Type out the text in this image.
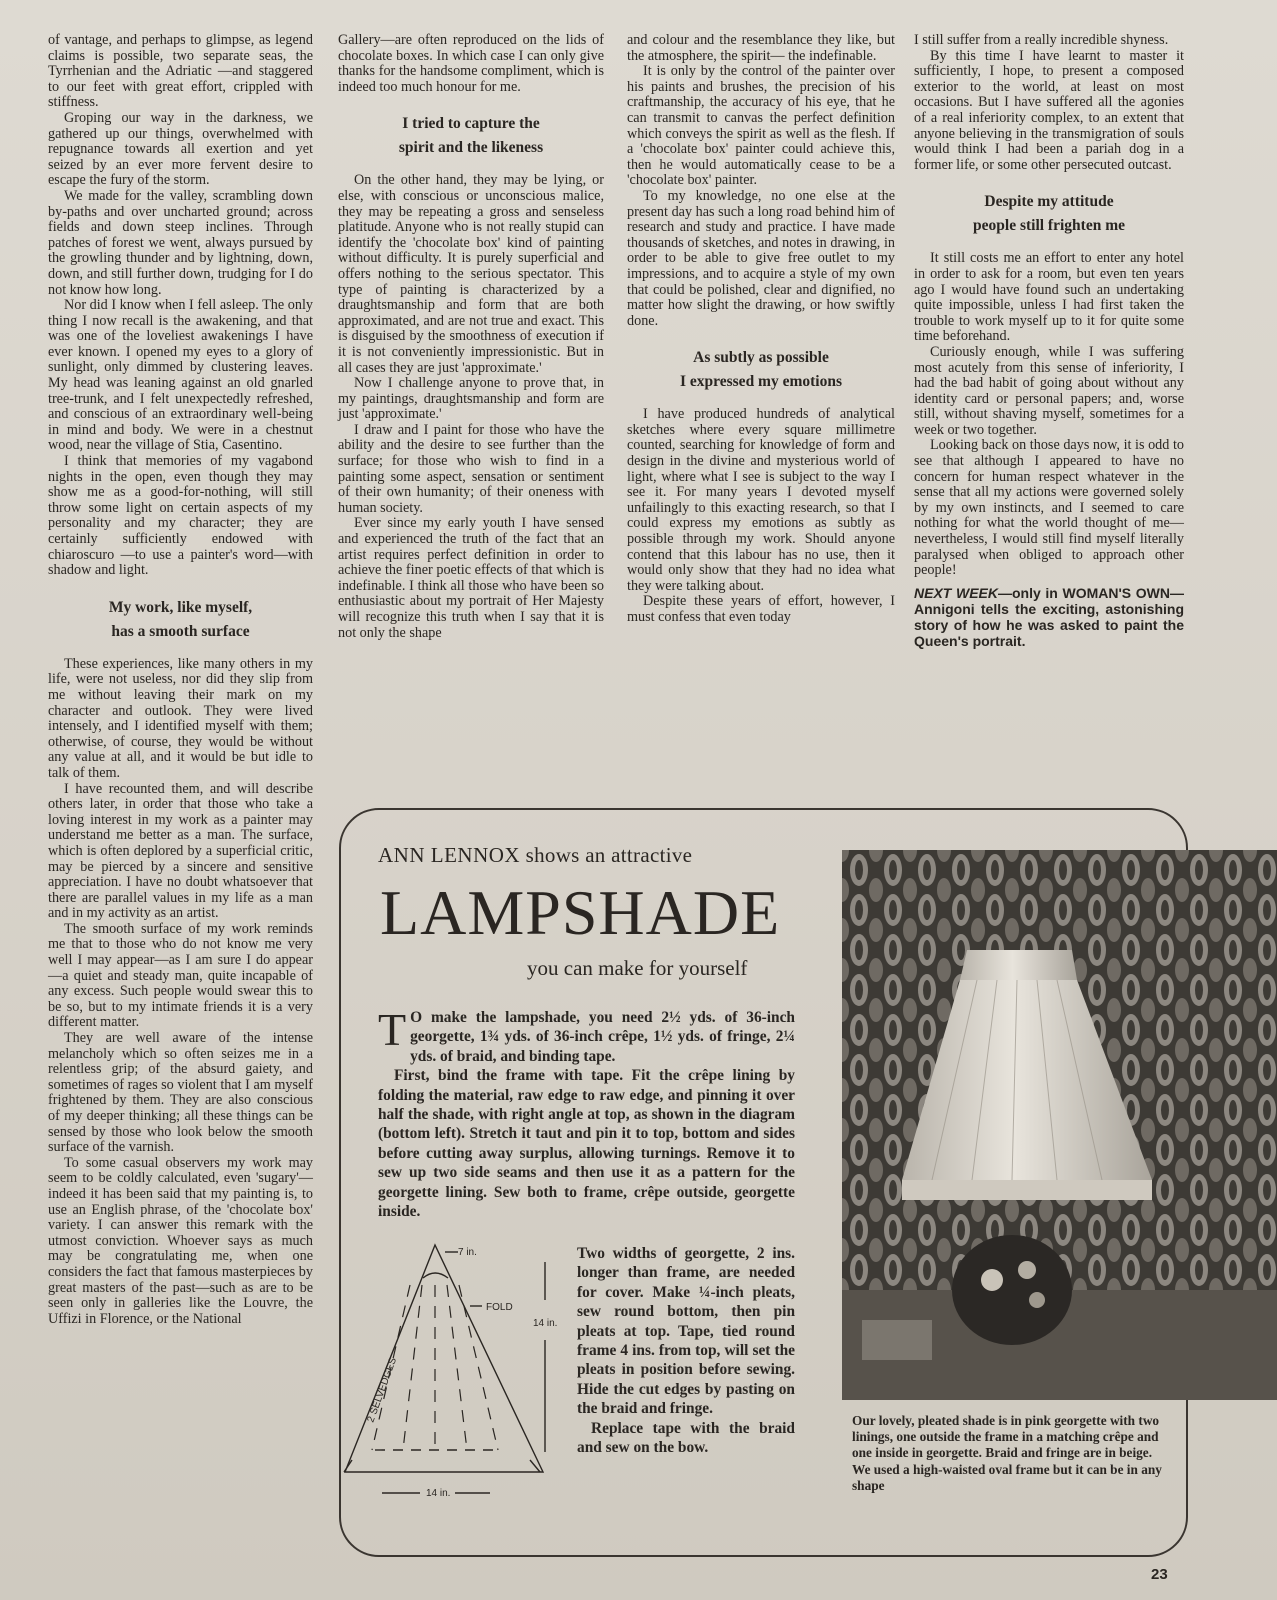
of vantage, and perhaps to glimpse, as legend claims is possible, two separate seas, the Tyrrhenian and the Adriatic —and staggered to our feet with great effort, crippled with stiffness.

Groping our way in the darkness, we gathered up our things, overwhelmed with repugnance towards all exertion and yet seized by an ever more fervent desire to escape the fury of the storm.

We made for the valley, scrambling down by-paths and over uncharted ground; across fields and down steep inclines. Through patches of forest we went, always pursued by the growling thunder and by lightning, down, down, and still further down, trudging for I do not know how long.

Nor did I know when I fell asleep. The only thing I now recall is the awakening, and that was one of the loveliest awakenings I have ever known. I opened my eyes to a glory of sunlight, only dimmed by clustering leaves. My head was leaning against an old gnarled tree-trunk, and I felt unexpectedly refreshed, and conscious of an extraordinary well-being in mind and body. We were in a chestnut wood, near the village of Stia, Casentino.

I think that memories of my vagabond nights in the open, even though they may show me as a good-for-nothing, will still throw some light on certain aspects of my personality and my character; they are certainly sufficiently endowed with chiaroscuro —to use a painter's word—with shadow and light.

My work, like myself,
has a smooth surface

These experiences, like many others in my life, were not useless, nor did they slip from me without leaving their mark on my character and outlook. They were lived intensely, and I identified myself with them; otherwise, of course, they would be without any value at all, and it would be but idle to talk of them.

I have recounted them, and will describe others later, in order that those who take a loving interest in my work as a painter may understand me better as a man. The surface, which is often deplored by a superficial critic, may be pierced by a sincere and sensitive appreciation. I have no doubt whatsoever that there are parallel values in my life as a man and in my activity as an artist.

The smooth surface of my work reminds me that to those who do not know me very well I may appear—as I am sure I do appear—a quiet and steady man, quite incapable of any excess. Such people would swear this to be so, but to my intimate friends it is a very different matter.

They are well aware of the intense melancholy which so often seizes me in a relentless grip; of the absurd gaiety, and sometimes of rages so violent that I am myself frightened by them. They are also conscious of my deeper thinking; all these things can be sensed by those who look below the smooth surface of the varnish.

To some casual observers my work may seem to be coldly calculated, even 'sugary'—indeed it has been said that my painting is, to use an English phrase, of the 'chocolate box' variety. I can answer this remark with the utmost conviction. Whoever says as much may be congratulating me, when one considers the fact that famous masterpieces by great masters of the past—such as are to be seen only in galleries like the Louvre, the Uffizi in Florence, or the National

Gallery—are often reproduced on the lids of chocolate boxes. In which case I can only give thanks for the handsome compliment, which is indeed too much honour for me.

I tried to capture the
spirit and the likeness

On the other hand, they may be lying, or else, with conscious or unconscious malice, they may be repeating a gross and senseless platitude. Anyone who is not really stupid can identify the 'chocolate box' kind of painting without difficulty. It is purely superficial and offers nothing to the serious spectator. This type of painting is characterized by a draughtsmanship and form that are both approximated, and are not true and exact. This is disguised by the smoothness of execution if it is not conveniently impressionistic. But in all cases they are just 'approximate.'

Now I challenge anyone to prove that, in my paintings, draughtsmanship and form are just 'approximate.'

I draw and I paint for those who have the ability and the desire to see further than the surface; for those who wish to find in a painting some aspect, sensation or sentiment of their own humanity; of their oneness with human society.

Ever since my early youth I have sensed and experienced the truth of the fact that an artist requires perfect definition in order to achieve the finer poetic effects of that which is indefinable. I think all those who have been so enthusiastic about my portrait of Her Majesty will recognize this truth when I say that it is not only the shape

and colour and the resemblance they like, but the atmosphere, the spirit— the indefinable.

It is only by the control of the painter over his paints and brushes, the precision of his craftmanship, the accuracy of his eye, that he can transmit to canvas the perfect definition which conveys the spirit as well as the flesh. If a 'chocolate box' painter could achieve this, then he would automatically cease to be a 'chocolate box' painter.

To my knowledge, no one else at the present day has such a long road behind him of research and study and practice. I have made thousands of sketches, and notes in drawing, in order to be able to give free outlet to my impressions, and to acquire a style of my own that could be polished, clear and dignified, no matter how slight the drawing, or how swiftly done.

As subtly as possible
I expressed my emotions

I have produced hundreds of analytical sketches where every square millimetre counted, searching for knowledge of form and design in the divine and mysterious world of light, where what I see is subject to the way I see it. For many years I devoted myself unfailingly to this exacting research, so that I could express my emotions as subtly as possible through my work. Should anyone contend that this labour has no use, then it would only show that they had no idea what they were talking about.

Despite these years of effort, however, I must confess that even today

I still suffer from a really incredible shyness.

By this time I have learnt to master it sufficiently, I hope, to present a composed exterior to the world, at least on most occasions. But I have suffered all the agonies of a real inferiority complex, to an extent that anyone believing in the transmigration of souls would think I had been a pariah dog in a former life, or some other persecuted outcast.

Despite my attitude
people still frighten me

It still costs me an effort to enter any hotel in order to ask for a room, but even ten years ago I would have found such an undertaking quite impossible, unless I had first taken the trouble to work myself up to it for quite some time beforehand.

Curiously enough, while I was suffering most acutely from this sense of inferiority, I had the bad habit of going about without any identity card or personal papers; and, worse still, without shaving myself, sometimes for a week or two together.

Looking back on those days now, it is odd to see that although I appeared to have no concern for human respect whatever in the sense that all my actions were governed solely by my own instincts, and I seemed to care nothing for what the world thought of me—nevertheless, I would still find myself literally paralysed when obliged to approach other people!

NEXT WEEK—only in WOMAN'S OWN—Annigoni tells the exciting, astonishing story of how he was asked to paint the Queen's portrait.

ANN LENNOX shows an attractive
LAMPSHADE
you can make for yourself

T O make the lampshade, you need 2½ yds. of 36-inch georgette, 1¾ yds. of 36-inch crêpe, 1½ yds. of fringe, 2¼ yds. of braid, and binding tape.

First, bind the frame with tape. Fit the crêpe lining by folding the material, raw edge to raw edge, and pinning it over half the shade, with right angle at top, as shown in the diagram (bottom left). Stretch it taut and pin it to top, bottom and sides before cutting away surplus, allowing turnings. Remove it to sew up two side seams and then use it as a pattern for the georgette lining. Sew both to frame, crêpe outside, georgette inside.

Two widths of georgette, 2 ins. longer than frame, are needed for cover. Make ¼-inch pleats, sew round bottom, then pin pleats at top. Tape, tied round frame 4 ins. from top, will set the pleats in position before sewing. Hide the cut edges by pasting on the braid and fringe.

Replace tape with the braid and sew on the bow.

7 in.
FOLD
14 in.
14 in.
2 SELVEDGES	Our lovely, pleated shade is in pink georgette with two linings, one outside the frame in a matching crêpe and one inside in georgette. Braid and fringe are in beige. We used a high-waisted oval frame but it can be in any shape
23
